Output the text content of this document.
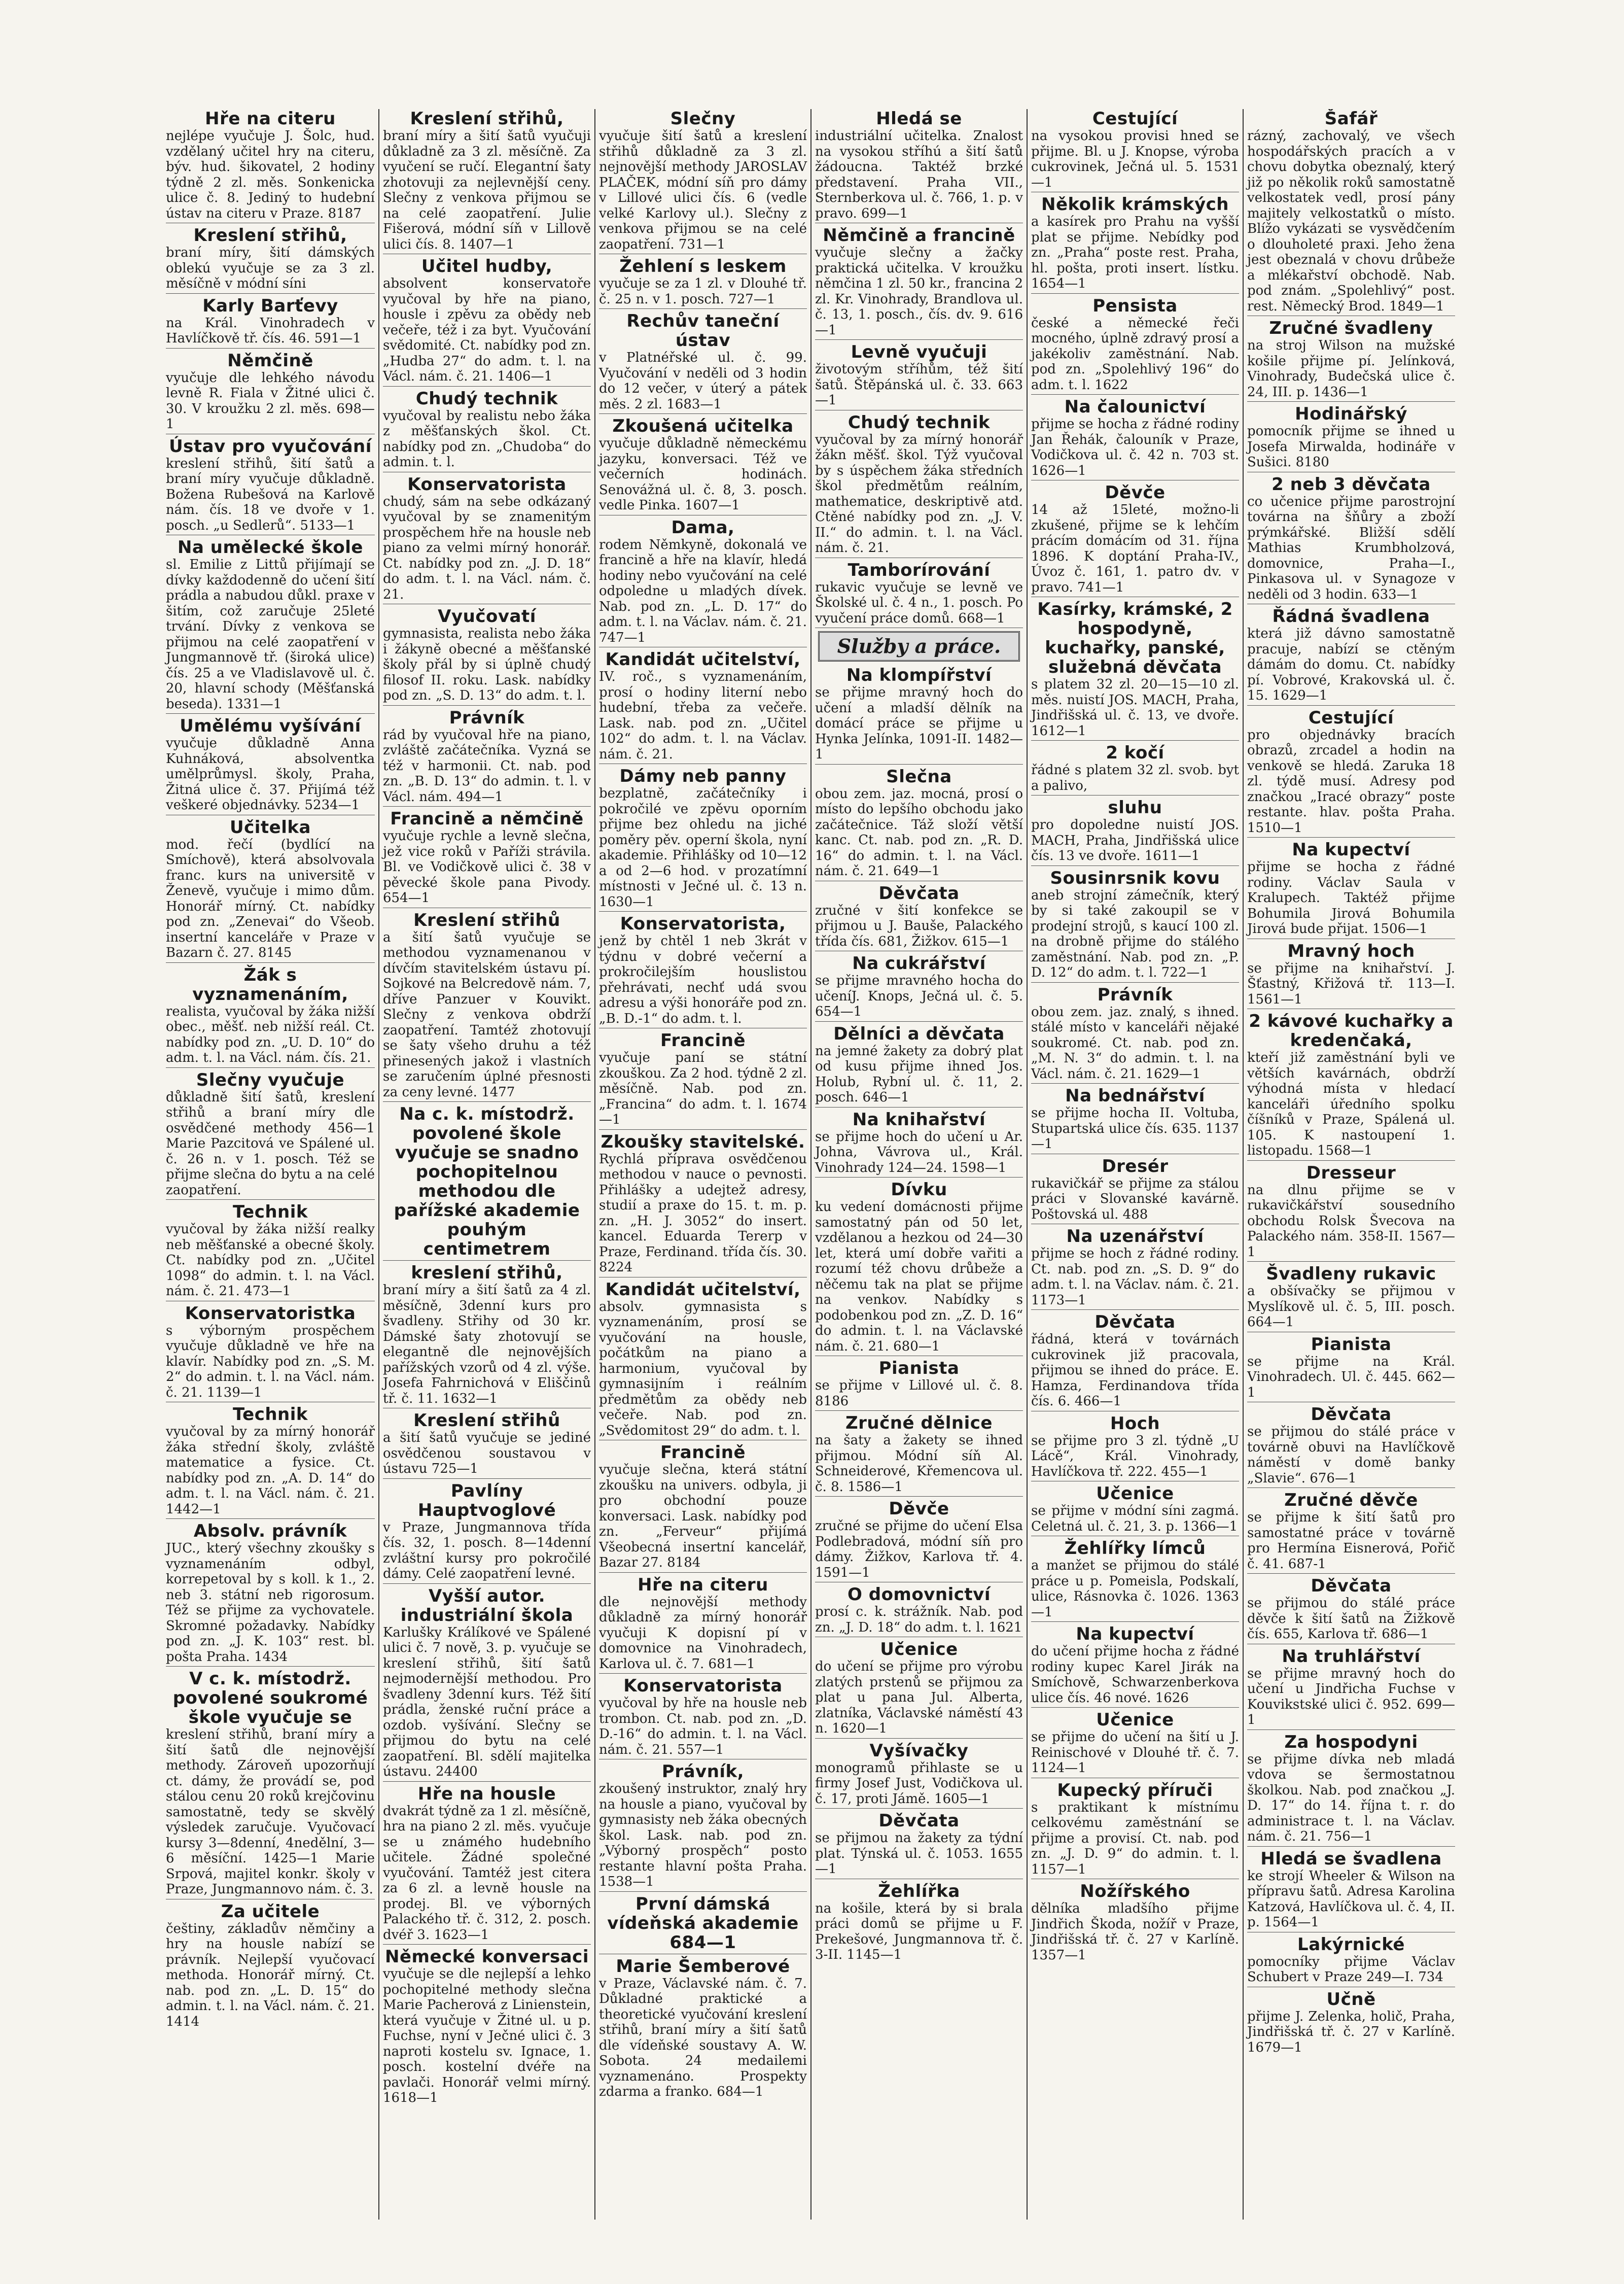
Hře na citeru

nejlépe vyučuje J. Šolc, hud. vzdělaný učitel hry na citeru, býv. hud. šikovatel, 2 hodiny týdně 2 zl. měs. Sonkenicka ulice č. 8. Jediný to hudební ústav na citeru v Praze. 8187

Kreslení střihů,

braní míry, šití dámských oblekú vyučuje se za 3 zl. měsíčně v módní síni

Karly Barťevy

na Král. Vinohradech v Havlíčkově tř. čís. 46. 591—1

Němčině

vyučuje dle lehkého návodu levně R. Fiala v Žitné ulici č. 30. V kroužku 2 zl. měs. 698—1

Ústav pro vyučování

kreslení střihů, šití šatů a braní míry vyučuje důkladně. Božena Rubešová na Karlově nám. čís. 18 ve dvoře v 1. posch. „u Sedlerů“. 5133—1

Na umělecké škole

sl. Emilie z Littů přijímají se dívky každodenně do učení šití prádla a nabudou důkl. praxe v šitím, což zaručuje 25leté trvání. Dívky z venkova se přijmou na celé zaopatření v Jungmannově tř. (široká ulice) čís. 25 a ve Vladislavově ul. č. 20, hlavní schody (Měšťanská beseda). 1331—1

Umělému vyšívání

vyučuje důkladně Anna Kuhnáková, absolventka umělprůmysl. školy, Praha, Žitná ulice č. 37. Přijímá též veškeré objednávky. 5234—1

Učitelka

mod. řečí (bydlící na Smíchově), která absolvovala franc. kurs na universitě v Ženevě, vyučuje i mimo dům. Honorář mírný. Ct. nabídky pod zn. „Zenevai“ do Všeob. insertní kanceláře v Praze v Bazarn č. 27. 8145

Žák s vyznamenáním,

realista, vyučoval by žáka nižší obec., měšť. neb nižší reál. Ct. nabídky pod zn. „U. D. 10“ do adm. t. l. na Václ. nám. čís. 21.

Slečny vyučuje

důkladně šití šatů, kreslení střihů a braní míry dle osvědčené methody 456—1 Marie Pazcitová ve Spálené ul. č. 26 n. v 1. posch. Též se přijme slečna do bytu a na celé zaopatření.

Technik

vyučoval by žáka nižší realky neb měšťanské a obecné školy. Ct. nabídky pod zn. „Učitel 1098“ do admin. t. l. na Václ. nám. č. 21. 473—1

Konservatoristka

s výborným prospěchem vyučuje důkladně ve hře na klavír. Nabídky pod zn. „S. M. 2“ do admin. t. l. na Václ. nám. č. 21. 1139—1

Technik

vyučoval by za mírný honorář žáka střední školy, zvláště matematice a fysice. Ct. nabídky pod zn. „A. D. 14“ do adm. t. l. na Václ. nám. č. 21. 1442—1

Absolv. právník

JUC., který všechny zkoušky s vyznamenáním odbyl, korrepetoval by s koll. k 1., 2. neb 3. státní neb rigorosum. Též se přijme za vychovatele. Skromné požadavky. Nabídky pod zn. „J. K. 103“ rest. bl. pošta Praha. 1434

V c. k. místodrž. povolené soukromé škole vyučuje se

kreslení střihů, braní míry a šití šatů dle nejnovější methody. Zároveň upozorňují ct. dámy, že provádí se, pod stálou cenu 20 roků krejčovinu samostatně, tedy se skvělý výsledek zaručuje. Vyučovací kursy 3—8denní, 4nedělní, 3—6 měsíční. 1425—1 Marie Srpová, majitel konkr. školy v Praze, Jungmannovo nám. č. 3.

Za učitele

češtiny, základův němčiny a hry na housle nabízí se právník. Nejlepší vyučovací methoda. Honorář mírný. Ct. nab. pod zn. „L. D. 15“ do admin. t. l. na Václ. nám. č. 21. 1414

Kreslení střihů,

braní míry a šití šatů vyučuji důkladně za 3 zl. měsíčně. Za vyučení se ručí. Elegantní šaty zhotovuji za nejlevnější ceny. Slečny z venkova přijmou se na celé zaopatření. Julie Fišerová, módní síň v Lillově ulici čís. 8. 1407—1

Učitel hudby,

absolvent konservatoře vyučoval by hře na piano, housle i zpěvu za obědy neb večeře, též i za byt. Vyučování svědomité. Ct. nabídky pod zn. „Hudba 27“ do adm. t. l. na Václ. nám. č. 21. 1406—1

Chudý technik

vyučoval by realistu nebo žáka z měšťanských škol. Ct. nabídky pod zn. „Chudoba“ do admin. t. l.

Konservatorista

chudý, sám na sebe odkázaný vyučoval by se znamenitým prospěchem hře na housle neb piano za velmi mírný honorář. Ct. nabídky pod zn. „J. D. 18“ do adm. t. l. na Václ. nám. č. 21.

Vyučovatí

gymnasista, realista nebo žáka i žákyně obecné a měšťanské školy přál by si úplně chudý filosof II. roku. Lask. nabídky pod zn. „S. D. 13“ do adm. t. l.

Právník

rád by vyučoval hře na piano, zvláště začátečníka. Vyzná se též v harmonii. Ct. nab. pod zn. „B. D. 13“ do admin. t. l. v Václ. nám. 494—1

Francině a němčině

vyučuje rychle a levně slečna, jež vice roků v Paříži strávila. Bl. ve Vodičkově ulici č. 38 v pěvecké škole pana Pivody. 654—1

Kreslení střihů

a šití šatů vyučuje se methodou vyznamenanou v dívčím stavitelském ústavu pí. Sojkové na Belcredově nám. 7, dříve Panzuer v Kouvikt. Slečny z venkova obdrží zaopatření. Tamtéž zhotovují se šaty všeho druhu a též přinesených jakož i vlastních se zaručením úplné přesnosti za ceny levné. 1477

Na c. k. místodrž. povolené škole vyučuje se snadno pochopitelnou methodou dle pařížské akademie pouhým centimetrem
kreslení střihů,

braní míry a šití šatů za 4 zl. měsíčně, 3denní kurs pro švadleny. Střihy od 30 kr. Dámské šaty zhotovují se elegantně dle nejnovějších pařížských vzorů od 4 zl. výše. Josefa Fahrnichová v Eliščinů tř. č. 11. 1632—1

Kreslení střihů

a šití šatů vyučuje se jediné osvědčenou soustavou v ústavu 725—1

Pavlíny Hauptvoglové

v Praze, Jungmannova třída čís. 32, 1. posch. 8—14denní zvláštní kursy pro pokročilé dámy. Celé zaopatření levné.

Vyšší autor. industriální škola

Karlušky Králíkové ve Spálené ulici č. 7 nově, 3. p. vyučuje se kreslení střihů, šití šatů nejmodernější methodou. Pro švadleny 3denní kurs. Též šití prádla, ženské ruční práce a ozdob. vyšívání. Slečny se přijmou do bytu na celé zaopatření. Bl. sdělí majitelka ústavu. 24400

Hře na housle

dvakrát týdně za 1 zl. měsíčně, hra na piano 2 zl. měs. vyučuje se u známého hudebního učitele. Žádné společné vyučování. Tamtéž jest citera za 6 zl. a levně housle na prodej. Bl. ve výborných Palackého tř. č. 312, 2. posch. dvéř 3. 1623—1

Německé konversaci

vyučuje se dle nejlepší a lehko pochopitelné methody slečna Marie Pacherová z Linienstein, která vyučuje v Žitné ul. u p. Fuchse, nyní v Ječné ulici č. 3 naproti kostelu sv. Ignace, 1. posch. kostelní dvéře na pavlači. Honorář velmi mírný. 1618—1

Slečny

vyučuje šití šatů a kreslení střihů důkladně za 3 zl. nejnovější methody JAROSLAV PLAČEK, módní síň pro dámy v Lillové ulici čís. 6 (vedle velké Karlovy ul.). Slečny z venkova přijmou se na celé zaopatření. 731—1

Žehlení s leskem

vyučuje se za 1 zl. v Dlouhé tř. č. 25 n. v 1. posch. 727—1

Rechův taneční ústav

v Platnéřské ul. č. 99. Vyučování v neděli od 3 hodin do 12 večer, v úterý a pátek měs. 2 zl. 1683—1

Zkoušená učitelka

vyučuje důkladně německému jazyku, konversaci. Též ve večerních hodinách. Senovážná ul. č. 8, 3. posch. vedle Pinka. 1607—1

Dama,

rodem Němkyně, dokonalá ve francině a hře na klavír, hledá hodiny nebo vyučování na celé odpoledne u mladých dívek. Nab. pod zn. „L. D. 17“ do adm. t. l. na Václav. nám. č. 21. 747—1

Kandidát učitelství,

IV. roč., s vyznamenáním, prosí o hodiny literní nebo hudební, třeba za večeře. Lask. nab. pod zn. „Učitel 102“ do adm. t. l. na Václav. nám. č. 21.

Dámy neb panny

bezplatně, začátečníky i pokročilé ve zpěvu oporním přijme bez ohledu na jiché poměry pěv. operní škola, nyní akademie. Přihlášky od 10—12 a od 2—6 hod. v prozatímní místnosti v Ječné ul. č. 13 n. 1630—1

Konservatorista,

jenž by chtěl 1 neb 3krát v týdnu v dobré večerní a prokročilejším houslistou přehrávati, nechť udá svou adresu a výši honoráře pod zn. „B. D.-1“ do adm. t. l.

Francině

vyučuje paní se státní zkouškou. Za 2 hod. týdně 2 zl. měsíčně. Nab. pod zn. „Francina“ do adm. t. l. 1674—1

Zkoušky stavitelské.

Rychlá příprava osvědčenou methodou v nauce o pevnosti. Přihlášky a udejtež adresy, studií a praxe do 15. t. m. p. zn. „H. J. 3052“ do insert. kancel. Eduarda Tererp v Praze, Ferdinand. třída čís. 30. 8224

Kandidát učitelství,

absolv. gymnasista s vyznamenáním, prosí se vyučování na housle, počátkům na piano a harmonium, vyučoval by gymnasijním i reálním předmětům za obědy neb večeře. Nab. pod zn. „Svědomitost 29“ do adm. t. l.

Francině

vyučuje slečna, která státní zkoušku na univers. odbyla, ji pro obchodní pouze konversaci. Lask. nabídky pod zn. „Ferveur“ přijímá Všeobecná insertní kancelář, Bazar 27. 8184

Hře na citeru

dle nejnovější methody důkladně za mírný honorář vyučuji K dopisní pí v domovnice na Vinohradech, Karlova ul. č. 7. 681—1

Konservatorista

vyučoval by hře na housle neb trombon. Ct. nab. pod zn. „D. D.-16“ do admin. t. l. na Václ. nám. č. 21. 557—1

Právník,

zkoušený instruktor, znalý hry na housle a piano, vyučoval by gymnasisty neb žáka obecných škol. Lask. nab. pod zn. „Výborný prospěch“ posto restante hlavní pošta Praha. 1538—1

První dámská vídeňská akademie 684—1
Marie Šemberové

v Praze, Václavské nám. č. 7. Důkladné praktické a theoretické vyučování kreslení střihů, braní míry a šití šatů dle vídeňské soustavy A. W. Sobota. 24 medailemi vyznamenáno. Prospekty zdarma a franko. 684—1

Hledá se

industriální učitelka. Znalost na vysokou stříhú a šití šatů žádoucna. Taktéž brzké představení. Praha VII., Sternberkova ul. č. 766, 1. p. v pravo. 699—1

Němčině a francině

vyučuje slečny a žačky praktická učitelka. V kroužku němčina 1 zl. 50 kr., francina 2 zl. Kr. Vinohrady, Brandlova ul. č. 13, 1. posch., čís. dv. 9. 616—1

Levně vyučuji

životovým stříhům, též šití šatů. Štěpánská ul. č. 33. 663—1

Chudý technik

vyučoval by za mírný honorář žákn měšť. škol. Týž vyučoval by s úspěchem žáka středních škol předmětům reálním, mathematice, deskriptivě atd. Ctěné nabídky pod zn. „J. V. II.“ do admin. t. l. na Václ. nám. č. 21.

Tamborírování

rukavic vyučuje se levně ve Školské ul. č. 4 n., 1. posch. Po vyučení práce domů. 668—1

Služby a práce.
Na klompířství

se přijme mravný hoch do učení a mladší dělník na domácí práce se přijme u Hynka Jelínka, 1091-II. 1482—1

Slečna

obou zem. jaz. mocná, prosí o místo do lepšího obchodu jako začátečnice. Táž složí větší kanc. Ct. nab. pod zn. „R. D. 16“ do admin. t. l. na Václ. nám. č. 21. 649—1

Děvčata

zručné v šití konfekce se přijmou u J. Bauše, Palackého třída čís. 681, Žižkov. 615—1

Na cukrářství

se přijme mravného hocha do učeníJ. Knops, Ječná ul. č. 5. 654—1

Dělníci a děvčata

na jemné žakety za dobrý plat od kusu přijme ihned Jos. Holub, Rybní ul. č. 11, 2. posch. 646—1

Na knihařství

se přijme hoch do učení u Ar. Johna, Vávrova ul., Král. Vinohrady 124—24. 1598—1

Dívku

ku vedení domácnosti přijme samostatný pán od 50 let, vzdělanou a hezkou od 24—30 let, která umí dobře vařiti a rozumí též chovu drůbeže a něčemu tak na plat se přijme na venkov. Nabídky s podobenkou pod zn. „Z. D. 16“ do admin. t. l. na Václavské nám. č. 21. 680—1

Pianista

se přijme v Lillové ul. č. 8. 8186

Zručné dělnice

na šaty a žakety se ihned přijmou. Módní síň Al. Schneiderové, Křemencova ul. č. 8. 1586—1

Děvče

zručné se přijme do učení Elsa Podlebradová, módní síň pro dámy. Žižkov, Karlova tř. 4. 1591—1

O domovnictví

prosí c. k. strážník. Nab. pod zn. „J. D. 18“ do adm. t. l. 1621

Učenice

do učení se přijme pro výrobu zlatých prstenů se přijmou za plat u pana Jul. Alberta, zlatníka, Václavské náměstí 43 n. 1620—1

Vyšívačky

monogramů přihlaste se u firmy Josef Just, Vodičkova ul. č. 17, proti Jámě. 1605—1

Děvčata

se přijmou na žakety za týdní plat. Týnská ul. č. 1053. 1655—1

Žehlířka

na košile, která by si brala práci domů se přijme u F. Prekešové, Jungmannova tř. č. 3-II. 1145—1

Cestující

na vysokou provisi hned se přijme. Bl. u J. Knopse, výroba cukrovinek, Ječná ul. 5. 1531—1

Několik krámských

a kasírek pro Prahu na vyšší plat se přijme. Nebídky pod zn. „Praha“ poste rest. Praha, hl. pošta, proti insert. lístku. 1654—1

Pensista

české a německé řeči mocného, úplně zdravý prosí a jakékoliv zaměstnání. Nab. pod zn. „Spolehlivý 196“ do adm. t. l. 1622

Na čalounictví

přijme se hocha z řádné rodiny Jan Řehák, čalouník v Praze, Vodičkova ul. č. 42 n. 703 st. 1626—1

Děvče

14 až 15leté, možno-li zkušené, přijme se k lehčím prácím domácím od 31. října 1896. K doptání Praha-IV., Úvoz č. 161, 1. patro dv. v pravo. 741—1

Kasírky, krámské, 2 hospodyně, kuchařky, panské, služebná děvčata

s platem 32 zl. 20—15—10 zl. měs. nuistí JOS. MACH, Praha, Jindřišská ul. č. 13, ve dvoře. 1612—1

2 kočí

řádné s platem 32 zl. svob. byt a palivo,

sluhu

pro dopoledne nuistí JOS. MACH, Praha, Jindřišská ulice čís. 13 ve dvoře. 1611—1

Sousinrsnik kovu

aneb strojní zámečník, který by si také zakoupil se v prodejní strojů, s kaucí 100 zl. na drobně přijme do stálého zaměstnání. Nab. pod zn. „P. D. 12“ do adm. t. l. 722—1

Právník

obou zem. jaz. znalý, s ihned. stálé místo v kanceláři nějaké soukromé. Ct. nab. pod zn. „M. N. 3“ do admin. t. l. na Václ. nám. č. 21. 1629—1

Na bednářství

se přijme hocha II. Voltuba, Stupartská ulice čís. 635. 1137—1

Dresér

rukavičkář se přijme za stálou práci v Slovanské kavárně. Poštovská ul. 488

Na uzenářství

přijme se hoch z řádné rodiny. Ct. nab. pod zn. „S. D. 9“ do adm. t. l. na Václav. nám. č. 21. 1173—1

Děvčata

řádná, která v továrnách cukrovinek již pracovala, přijmou se ihned do práce. E. Hamza, Ferdinandova třída čís. 6. 466—1

Hoch

se přijme pro 3 zl. týdně „U Lácě“, Král. Vinohrady, Havlíčkova tř. 222. 455—1

Učenice

se přijme v módní síni zagmá. Celetná ul. č. 21, 3. p. 1366—1

Žehlířky límců

a manžet se přijmou do stálé práce u p. Pomeisla, Podskalí, ulice, Rásnovka č. 1026. 1363—1

Na kupectví

do učení přijme hocha z řádné rodiny kupec Karel Jirák na Smíchově, Schwarzenberkova ulice čís. 46 nové. 1626

Učenice

se přijme do učení na šití u J. Reinischové v Dlouhé tř. č. 7. 1124—1

Kupecký příruči

s praktikant k místnímu celkovému zaměstnání se přijme a provisí. Ct. nab. pod zn. „J. D. 9“ do admin. t. l. 1157—1

Nožířského

dělníka mladšího přijme Jindřich Škoda, nožíř v Praze, Jindřišská tř. č. 27 v Karlíně. 1357—1

Šafář

rázný, zachovalý, ve všech hospodářských pracích a v chovu dobytka obeznalý, který již po několik roků samostatně velkostatek vedl, prosí pány majitely velkostatků o místo. Blížo vykázati se vysvědčením o dlouholeté praxi. Jeho žena jest obeznalá v chovu drůbeže a mlékařství obchodě. Nab. pod znám. „Spolehlivý“ post. rest. Německý Brod. 1849—1

Zručné švadleny

na stroj Wilson na mužské košile přijme pí. Jelínková, Vinohrady, Budečská ulice č. 24, III. p. 1436—1

Hodinářský

pomocník přijme se ihned u Josefa Mirwalda, hodináře v Sušici. 8180

2 neb 3 děvčata

co učenice přijme parostrojní továrna na šňůry a zboží prýmkářské. Bližší sdělí Mathias Krumbholzová, domovnice, Praha—I., Pinkasova ul. v Synagoze v neděli od 3 hodin. 633—1

Řádná švadlena

která již dávno samostatně pracuje, nabízí se ctěným dámám do domu. Ct. nabídky pí. Vobrové, Krakovská ul. č. 15. 1629—1

Cestující

pro objednávky bracích obrazů, zrcadel a hodin na venkově se hledá. Zaruka 18 zl. týdě musí. Adresy pod značkou „Iracé obrazy“ poste restante. hlav. pošta Praha. 1510—1

Na kupectví

přijme se hocha z řádné rodiny. Václav Saula v Kralupech. Taktéž přijme Bohumila Jirová Bohumila Jirová bude přijat. 1506—1

Mravný hoch

se přijme na knihařství. J. Šťastný, Křižová tř. 113—I. 1561—1

2 kávové kuchařky a kredenčaká,

kteří již zaměstnání byli ve větších kavárnách, obdrží výhodná místa v hledací kanceláři úředního spolku číšníků v Praze, Spálená ul. 105. K nastoupení 1. listopadu. 1568—1

Dresseur

na dlnu přijme se v rukavičkářství sousedního obchodu Rolsk Švecova na Palackého nám. 358-II. 1567—1

Švadleny rukavic

a obšívačky se přijmou v Myslíkově ul. č. 5, III. posch. 664—1

Pianista

se přijme na Král. Vinohradech. Ul. č. 445. 662—1

Děvčata

se přijmou do stálé práce v továrně obuvi na Havlíčkově náměstí v domě banky „Slavie“. 676—1

Zručné děvče

se přijme k šití šatů pro samostatné práce v továrně pro Hermína Eisnerová, Pořič č. 41. 687-1

Děvčata

se přijmou do stálé práce děvče k šití šatů na Žižkově čís. 655, Karlova tř. 686—1

Na truhlářství

se přijme mravný hoch do učení u Jindřicha Fuchse v Kouvikstské ulici č. 952. 699—1

Za hospodyni

se přijme dívka neb mladá vdova se šermostatnou školkou. Nab. pod značkou „J. D. 17“ do 14. října t. r. do administrace t. l. na Václav. nám. č. 21. 756—1

Hledá se švadlena

ke strojí Wheeler & Wilson na přípravu šatů. Adresa Karolina Katzová, Havlíčkova ul. č. 4, II. p. 1564—1

Lakýrnické

pomocníky přijme Václav Schubert v Praze 249—I. 734

Učně

přijme J. Zelenka, holič, Praha, Jindřišská tř. č. 27 v Karlíně. 1679—1
